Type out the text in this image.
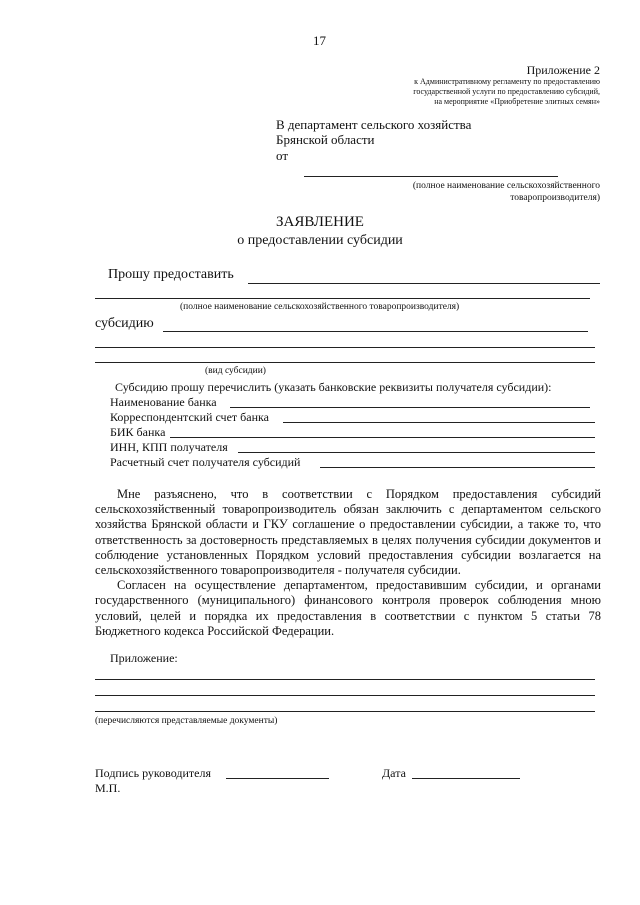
17
Приложение 2
к Административному регламенту по предоставлению
государственной услуги по предоставлению субсидий,
на мероприятие «Приобретение элитных семян»
В департамент сельского хозяйства
Брянской области
от
(полное наименование сельскохозяйственного
товаропроизводителя)
ЗАЯВЛЕНИЕ
о предоставлении субсидии
Прошу предоставить
(полное наименование сельскохозяйственного товаропроизводителя)
субсидию
(вид субсидии)
Субсидию прошу перечислить (указать банковские реквизиты получателя субсидии):
Наименование банка
Корреспондентский счет банка
БИК банка
ИНН, КПП получателя
Расчетный счет получателя субсидий

Мне разъяснено, что в соответствии с Порядком предоставления субсидий сельскохозяйственный товаропроизводитель обязан заключить с департаментом сельского хозяйства Брянской области и ГКУ соглашение о предоставлении субсидии, а также то, что ответственность за достоверность представляемых в целях получения субсидии документов и соблюдение установленных Порядком условий предоставления субсидии возлагается на сельскохозяйственного товаропроизводителя - получателя субсидии.

Согласен на осуществление департаментом, предоставившим субсидии, и органами государственного (муниципального) финансового контроля проверок соблюдения мною условий, целей и порядка их предоставления в соответствии с пунктом 5 статьи 78 Бюджетного кодекса Российской Федерации.

Приложение:
(перечисляются представляемые документы)
Подпись руководителя	Дата
М.П.
